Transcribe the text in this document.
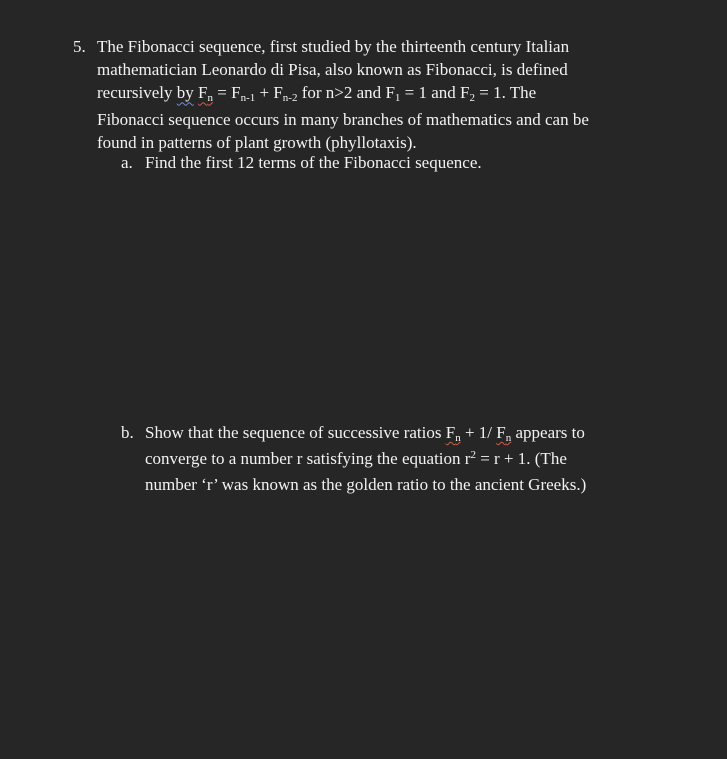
5. The Fibonacci sequence, first studied by the thirteenth century Italian
mathematician Leonardo di Pisa, also known as Fibonacci, is defined
recursively by Fn = Fn-1 + Fn-2 for n>2 and F1 = 1 and F2 = 1. The
Fibonacci sequence occurs in many branches of mathematics and can be
found in patterns of plant growth (phyllotaxis).
a. Find the first 12 terms of the Fibonacci sequence.
b. Show that the sequence of successive ratios Fn + 1/ Fn appears to
converge to a number r satisfying the equation $r^2 = r + 1$. (The
number ‘r’ was known as the golden ratio to the ancient Greeks.)
